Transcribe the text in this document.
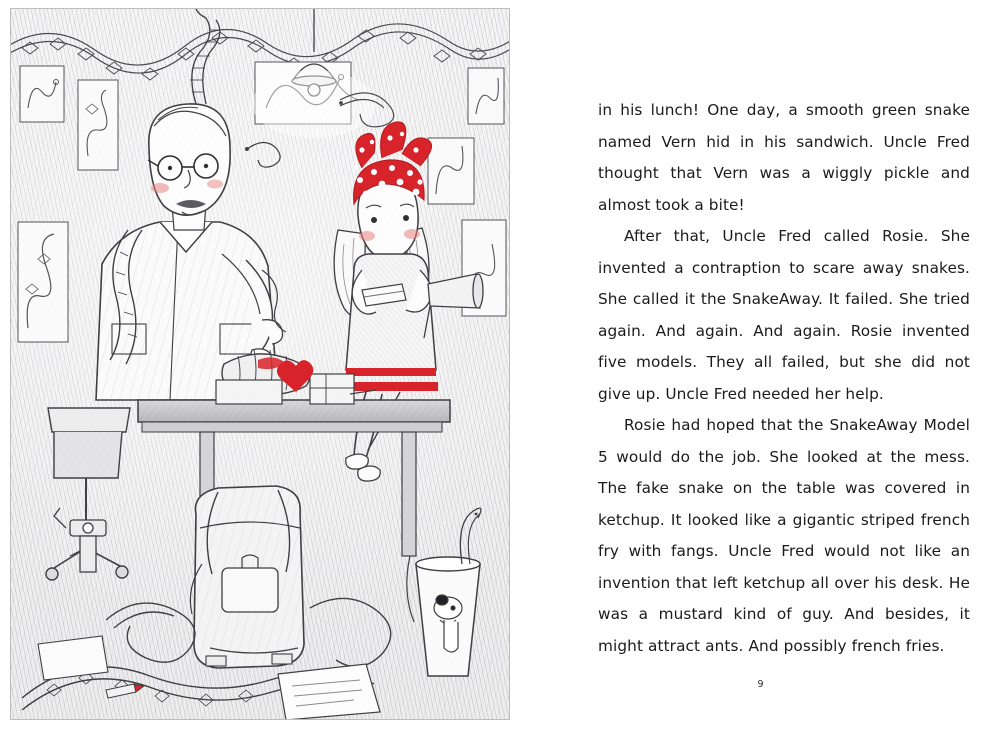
in his lunch! One day, a smooth green snake named Vern hid in his sandwich. Uncle Fred thought that Vern was a wiggly pickle and almost took a bite!

After that, Uncle Fred called Rosie. She invented a contraption to scare away snakes. She called it the SnakeAway. It failed. She tried again. And again. And again. Rosie invented five models. They all failed, but she did not give up. Uncle Fred needed her help.

Rosie had hoped that the SnakeAway Model 5 would do the job. She looked at the mess. The fake snake on the table was covered in ketchup. It looked like a gigantic striped french fry with fangs. Uncle Fred would not like an invention that left ketchup all over his desk. He was a mustard kind of guy. And besides, it might attract ants. And possibly french fries.

9
